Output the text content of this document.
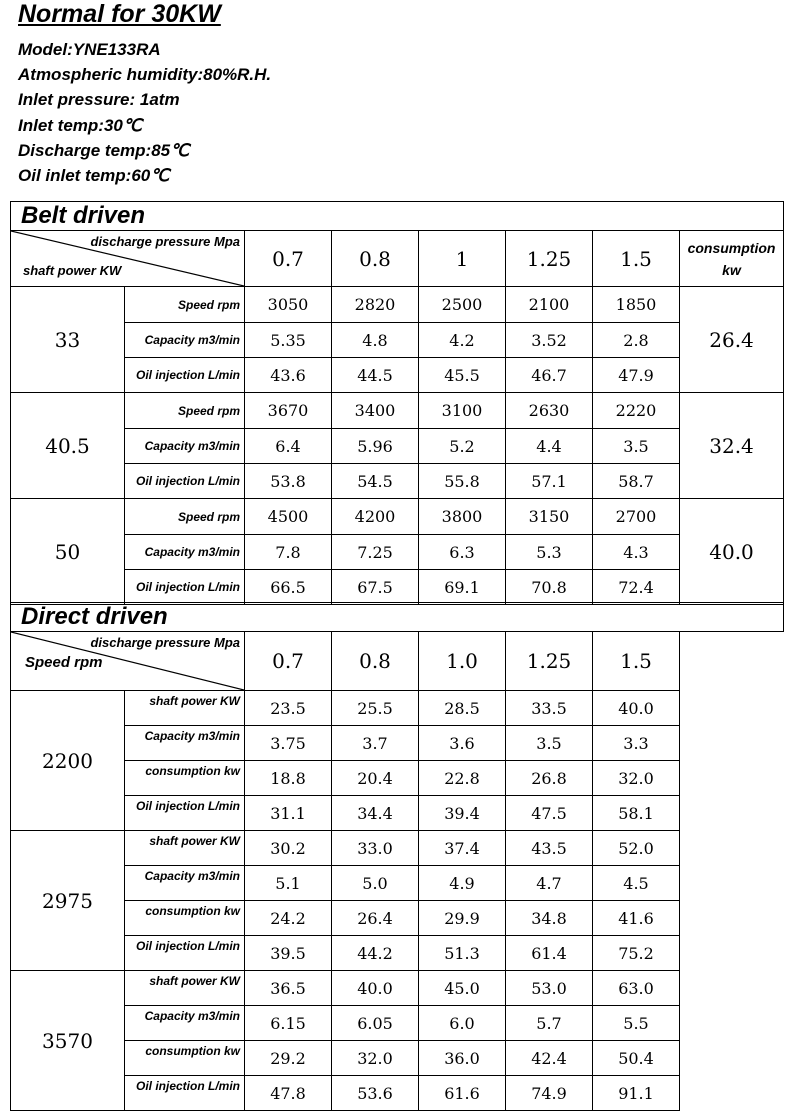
Normal for 30KW
Model:YNE133RA
Atmospheric humidity:80%R.H.
Inlet pressure: 1atm
Inlet temp:30℃
Discharge temp:85℃
Oil inlet temp:60℃
Belt driven							

discharge pressure Mpa
shaft power KW		0.7	0.8	1	1.25	1.5	consumption kw
33	Speed rpm	3050	2820	2500	2100	1850	26.4
	Capacity m3/min	5.35	4.8	4.2	3.52	2.8	
	Oil injection L/min	43.6	44.5	45.5	46.7	47.9	
40.5	Speed rpm	3670	3400	3100	2630	2220	32.4
	Capacity m3/min	6.4	5.96	5.2	4.4	3.5	
	Oil injection L/min	53.8	54.5	55.8	57.1	58.7	
50	Speed rpm	4500	4200	3800	3150	2700	40.0
	Capacity m3/min	7.8	7.25	6.3	5.3	4.3	
	Oil injection L/min	66.5	67.5	69.1	70.8	72.4	
Direct driven							

discharge pressure Mpa
Speed rpm		0.7	0.8	1.0	1.25	1.5	
2200	shaft power KW	23.5	25.5	28.5	33.5	40.0	
	Capacity m3/min	3.75	3.7	3.6	3.5	3.3	
	consumption kw	18.8	20.4	22.8	26.8	32.0	
	Oil injection L/min	31.1	34.4	39.4	47.5	58.1	
2975	shaft power KW	30.2	33.0	37.4	43.5	52.0	
	Capacity m3/min	5.1	5.0	4.9	4.7	4.5	
	consumption kw	24.2	26.4	29.9	34.8	41.6	
	Oil injection L/min	39.5	44.2	51.3	61.4	75.2	
3570	shaft power KW	36.5	40.0	45.0	53.0	63.0	
	Capacity m3/min	6.15	6.05	6.0	5.7	5.5	
	consumption kw	29.2	32.0	36.0	42.4	50.4	
	Oil injection L/min	47.8	53.6	61.6	74.9	91.1	
